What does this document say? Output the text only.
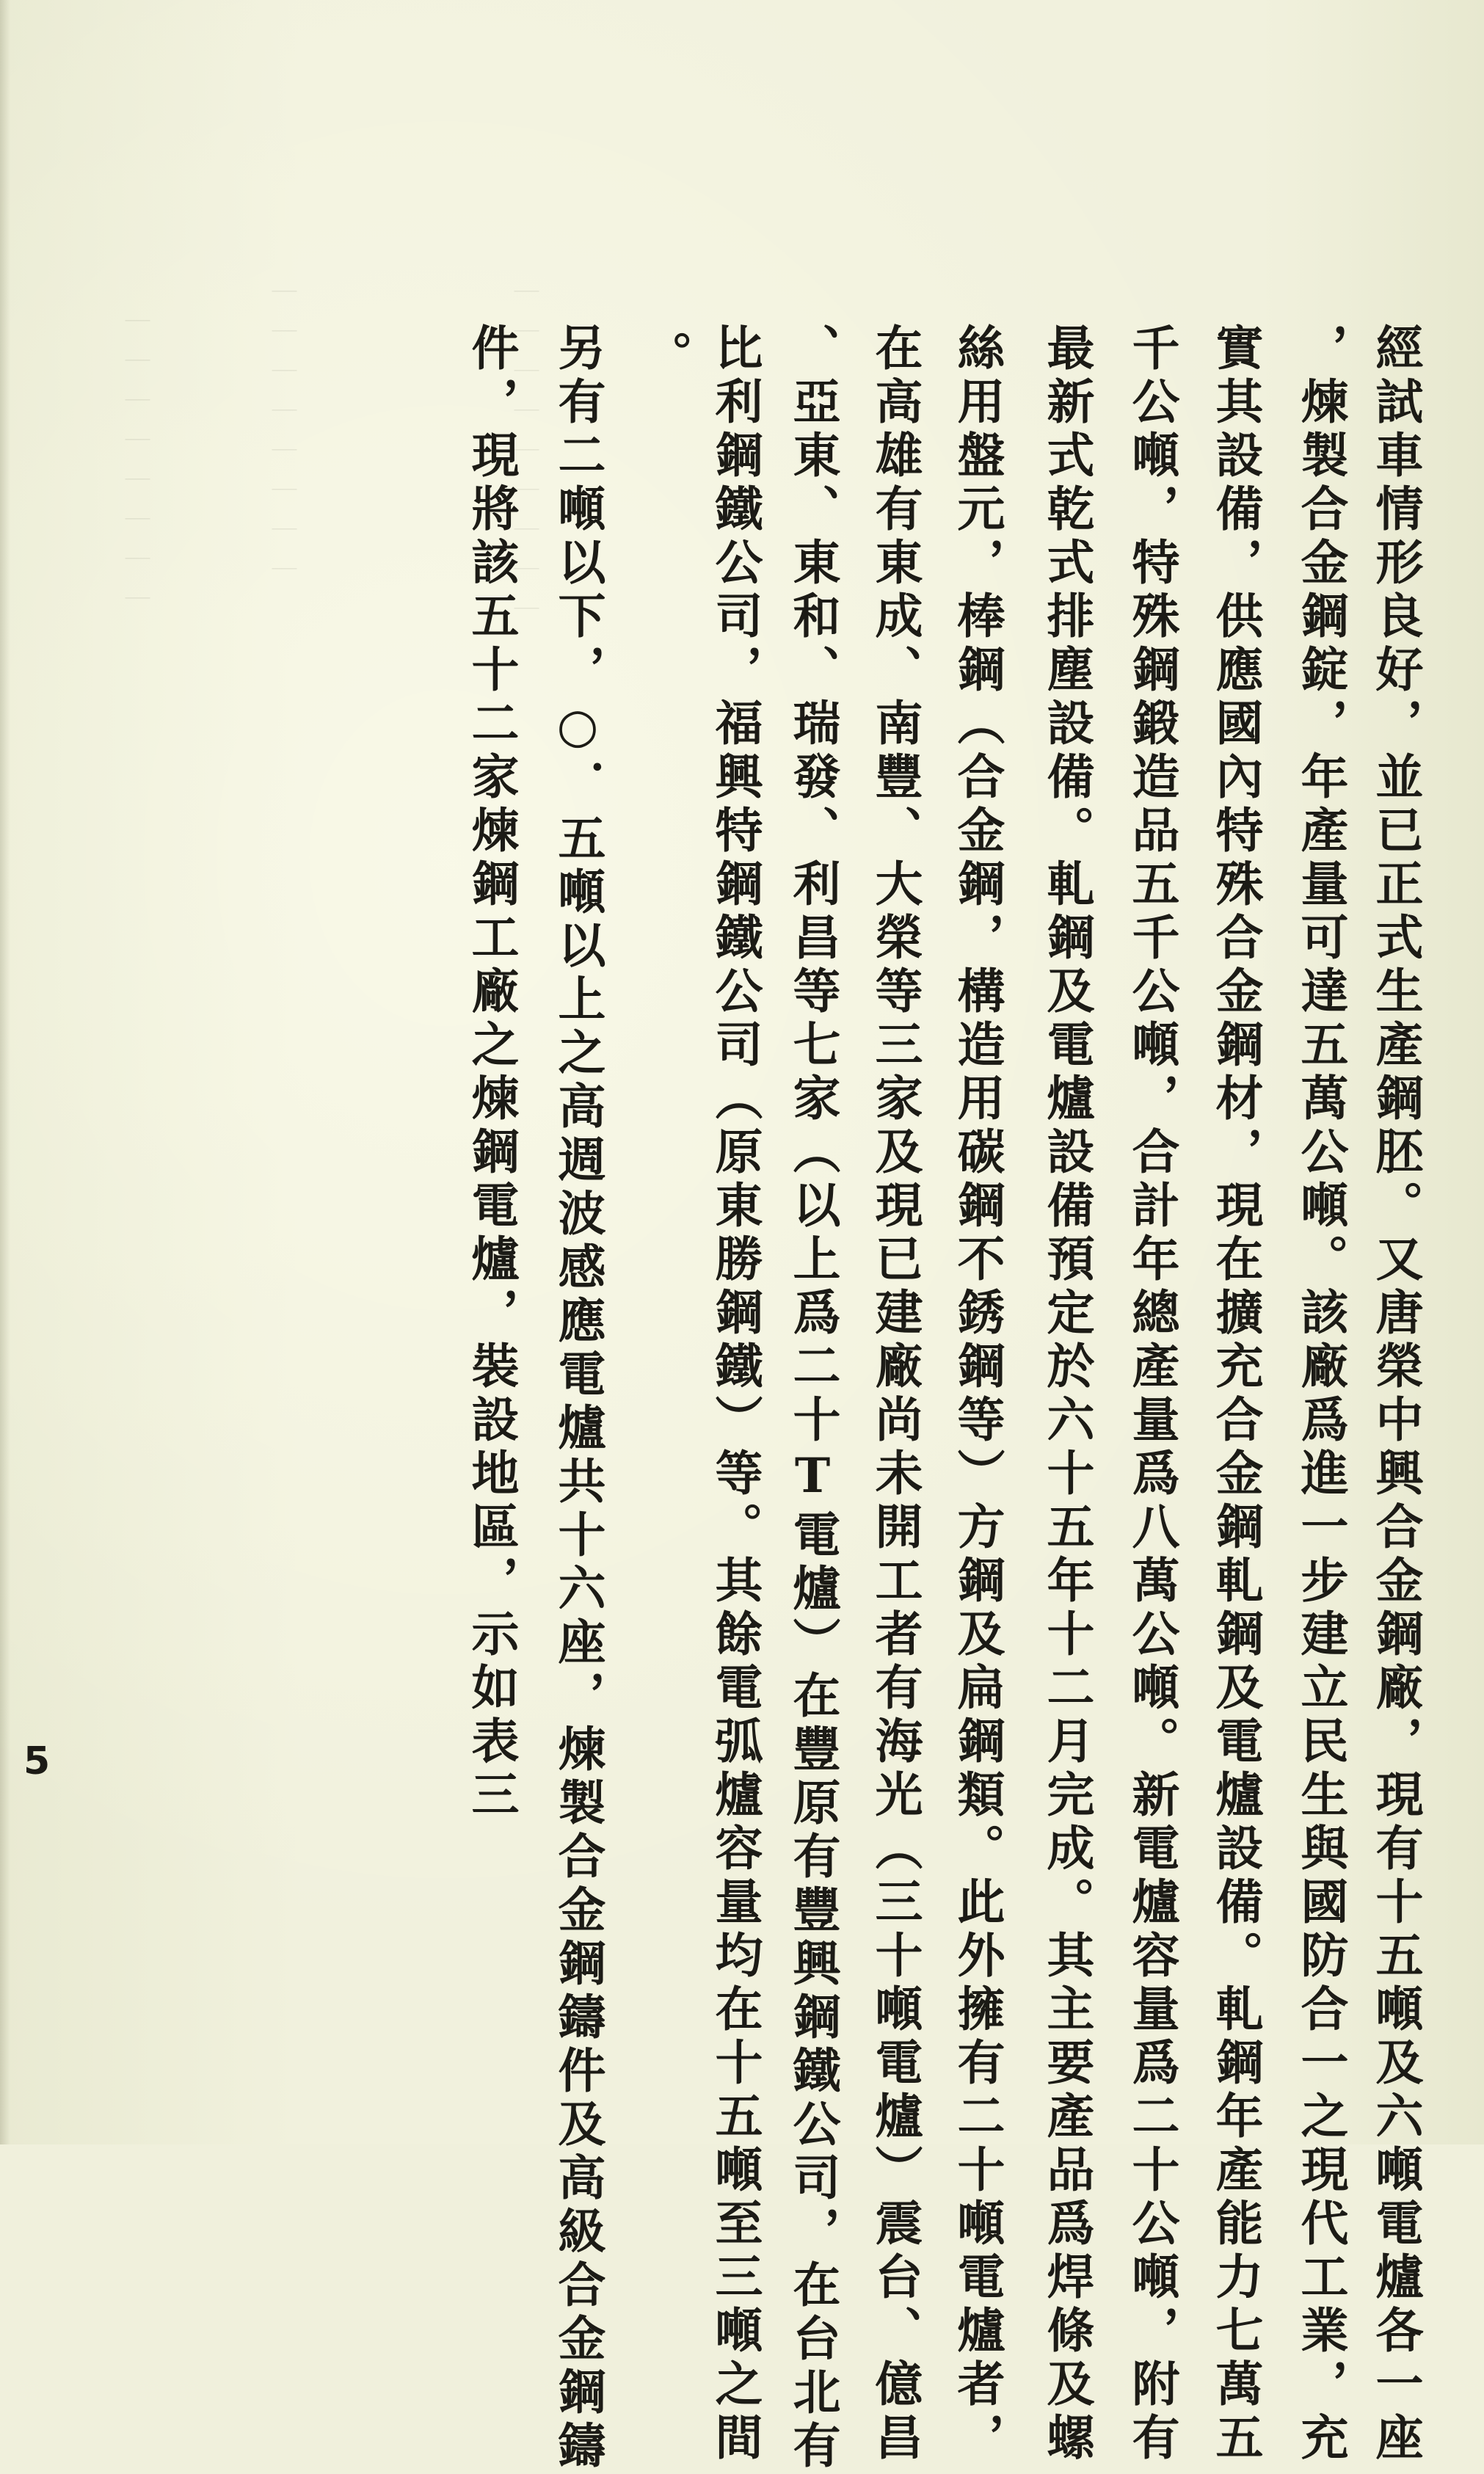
｜｜｜｜｜｜｜｜	｜｜｜｜｜｜｜｜	｜｜｜｜｜｜｜｜｜	經試車情形良好，並已正式生產鋼胚。又唐榮中興合金鋼廠，現有十五噸及六噸電爐各一座
，煉製合金鋼錠，年產量可達五萬公噸。該廠爲進一步建立民生與國防合一之現代工業，充
實其設備，供應國內特殊合金鋼材，現在擴充合金鋼軋鋼及電爐設備。軋鋼年產能力七萬五
千公噸，特殊鋼鍛造品五千公噸，合計年總產量爲八萬公噸。新電爐容量爲二十公噸，附有
最新式乾式排塵設備。軋鋼及電爐設備預定於六十五年十二月完成。其主要產品爲焊條及螺
絲用盤元，棒鋼（合金鋼，構造用碳鋼不銹鋼等）方鋼及扁鋼類。此外擁有二十噸電爐者，
在高雄有東成、南豐、大榮等三家及現已建廠尚未開工者有海光（三十噸電爐）震台、億昌
、亞東、東和、瑞發、利昌等七家（以上爲二十T電爐）在豐原有豐興鋼鐵公司，在台北有
比利鋼鐵公司，福興特鋼鐵公司（原東勝鋼鐵）等。其餘電弧爐容量均在十五噸至三噸之間
。
另有二噸以下，○．五噸以上之高週波感應電爐共十六座，煉製合金鋼鑄件及高級合金鋼鑄
件，現將該五十二家煉鋼工廠之煉鋼電爐，裝設地區，示如表三
5
